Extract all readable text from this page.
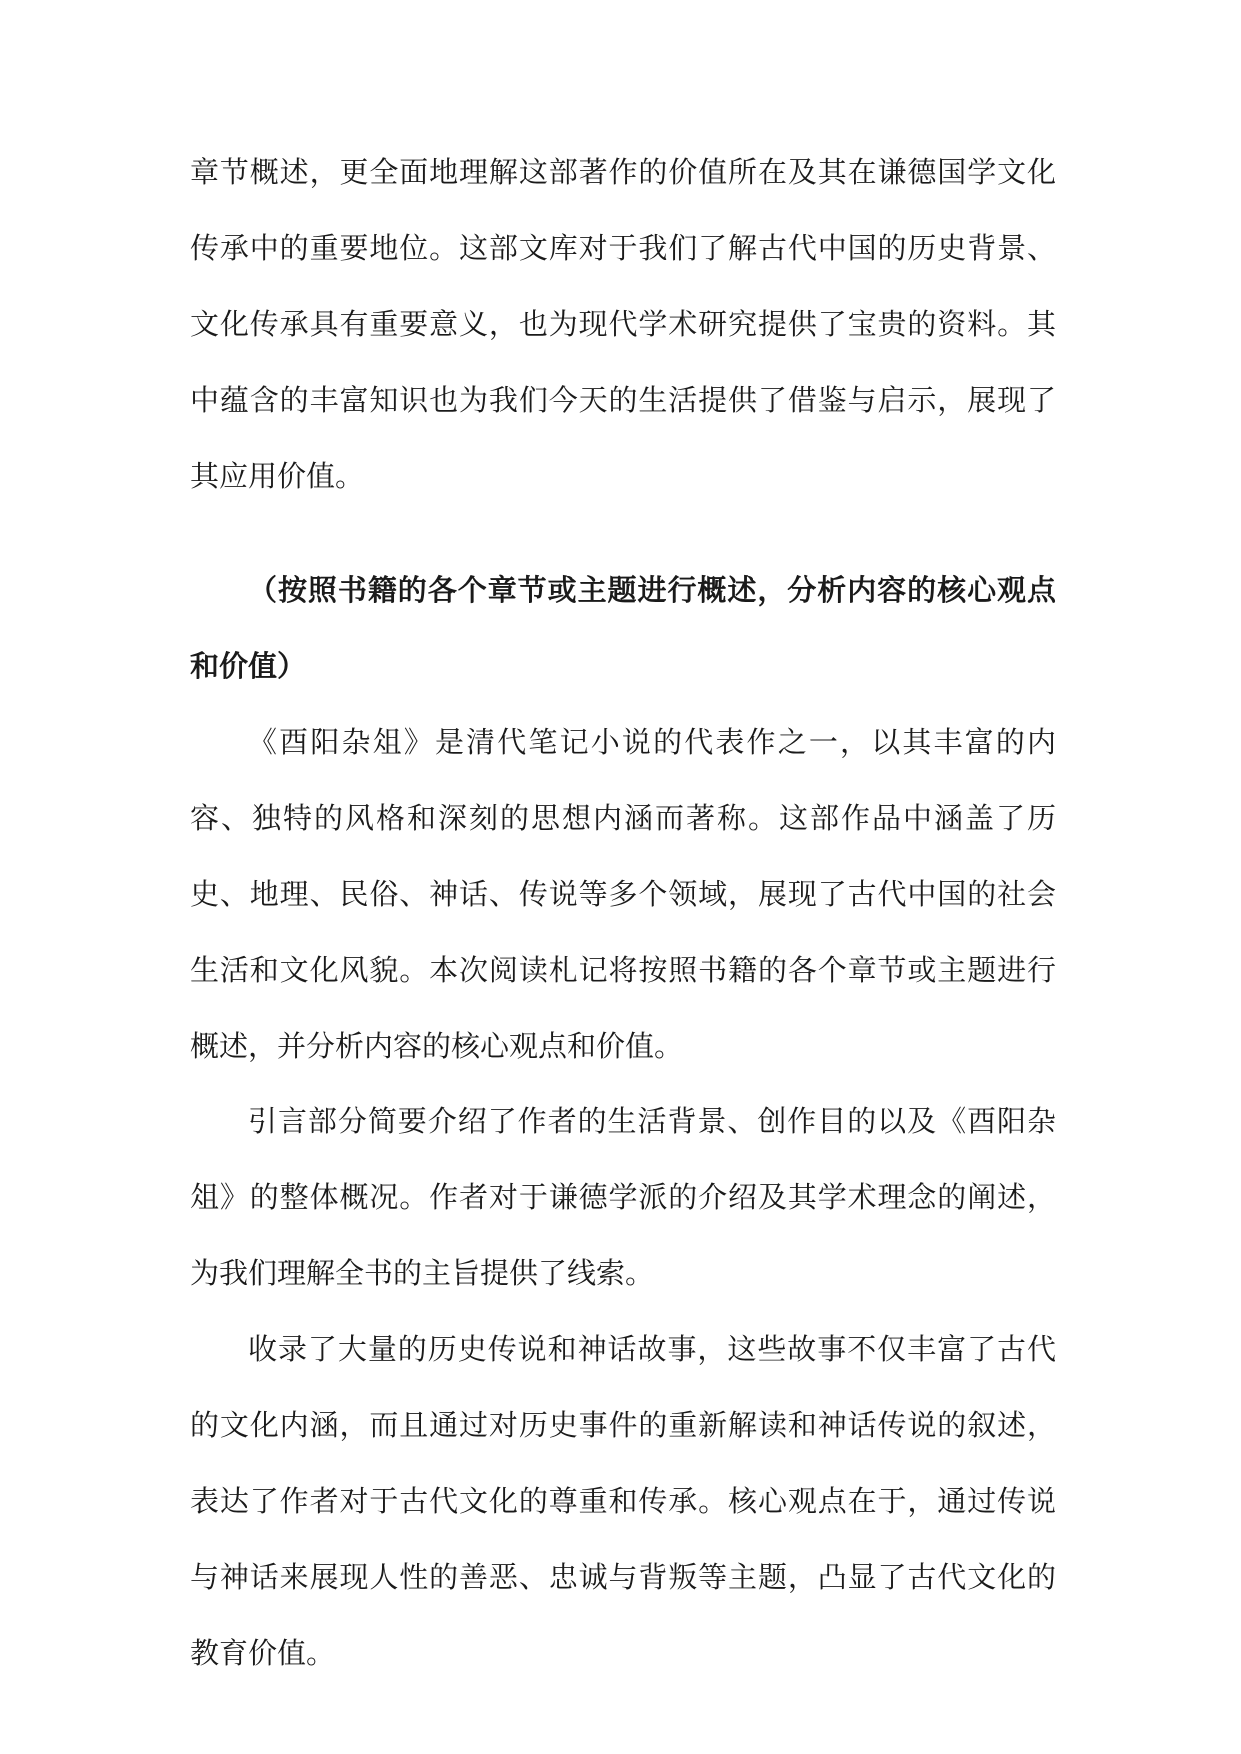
章节概述，更全面地理解这部著作的价值所在及其在谦德国学文化传承中的重要地位。这部文库对于我们了解古代中国的历史背景、文化传承具有重要意义，也为现代学术研究提供了宝贵的资料。其中蕴含的丰富知识也为我们今天的生活提供了借鉴与启示，展现了其应用价值。

（按照书籍的各个章节或主题进行概述，分析内容的核心观点和价值）

《酉阳杂俎》是清代笔记小说的代表作之一，以其丰富的内容、独特的风格和深刻的思想内涵而著称。这部作品中涵盖了历史、地理、民俗、神话、传说等多个领域，展现了古代中国的社会生活和文化风貌。本次阅读札记将按照书籍的各个章节或主题进行概述，并分析内容的核心观点和价值。

引言部分简要介绍了作者的生活背景、创作目的以及《酉阳杂俎》的整体概况。作者对于谦德学派的介绍及其学术理念的阐述，为我们理解全书的主旨提供了线索。

收录了大量的历史传说和神话故事，这些故事不仅丰富了古代的文化内涵，而且通过对历史事件的重新解读和神话传说的叙述，表达了作者对于古代文化的尊重和传承。核心观点在于，通过传说与神话来展现人性的善恶、忠诚与背叛等主题，凸显了古代文化的教育价值。
